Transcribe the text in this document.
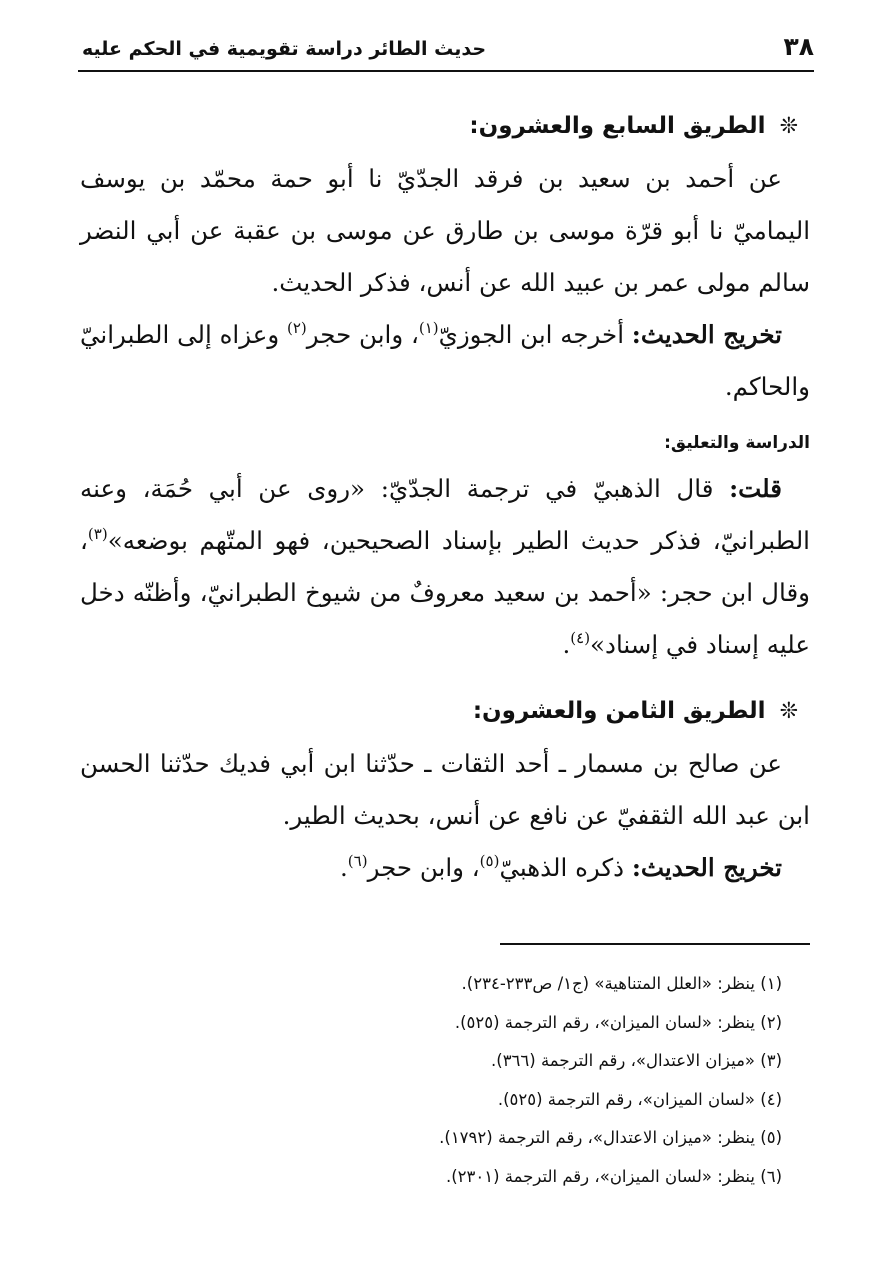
٣٨
حديث الطائر دراسة تقويمية في الحكم عليه
❊الطريق السابع والعشرون:

عن أحمد بن سعيد بن فرقد الجدّيّ نا أبو حمة محمّد بن يوسف اليماميّ نا أبو قرّة موسى بن طارق عن موسى بن عقبة عن أبي النضر سالم مولى عمر بن عبيد الله عن أنس، فذكر الحديث.

تخريج الحديث: أخرجه ابن الجوزيّ$^{(١)}$، وابن حجر$^{(٢)}$ وعزاه إلى الطبرانيّ والحاكم.

الدراسة والتعليق:

قلت: قال الذهبيّ في ترجمة الجدّيّ: «روى عن أبي حُمَة، وعنه الطبرانيّ، فذكر حديث الطير بإسناد الصحيحين، فهو المتّهم بوضعه»$^{(٣)}$، وقال ابن حجر: «أحمد بن سعيد معروفٌ من شيوخ الطبرانيّ، وأظنّه دخل عليه إسناد في إسناد»$^{(٤)}$.

❊الطريق الثامن والعشرون:

عن صالح بن مسمار ـ أحد الثقات ـ حدّثنا ابن أبي فديك حدّثنا الحسن ابن عبد الله الثقفيّ عن نافع عن أنس، بحديث الطير.

تخريج الحديث: ذكره الذهبيّ$^{(٥)}$، وابن حجر$^{(٦)}$.

(١) ينظر: «العلل المتناهية» (ج١/ ص٢٣٣-٢٣٤).

(٢) ينظر: «لسان الميزان»، رقم الترجمة (٥٢٥).

(٣) «ميزان الاعتدال»، رقم الترجمة (٣٦٦).

(٤) «لسان الميزان»، رقم الترجمة (٥٢٥).

(٥) ينظر: «ميزان الاعتدال»، رقم الترجمة (١٧٩٢).

(٦) ينظر: «لسان الميزان»، رقم الترجمة (٢٣٠١).
